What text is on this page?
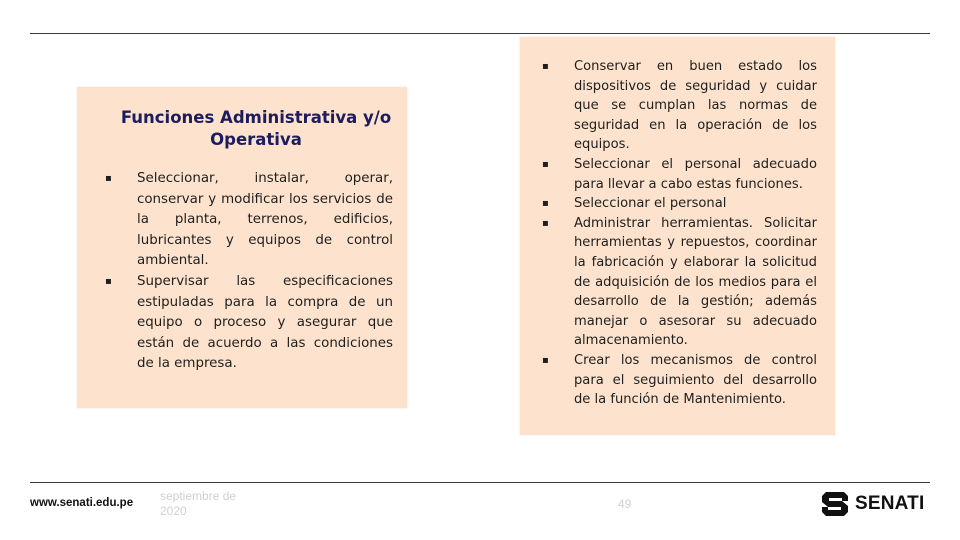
Funciones Administrativa y/o Operativa
▪ Seleccionar, instalar, operar, conservar y modificar los servicios de la planta, terrenos, edificios, lubricantes y equipos de control ambiental.
▪ Supervisar las especificaciones estipuladas para la compra de un equipo o proceso y asegurar que están de acuerdo a las condiciones de la empresa.
▪ Conservar en buen estado los dispositivos de seguridad y cuidar que se cumplan las normas de seguridad en la operación de los equipos.
▪ Seleccionar el personal adecuado para llevar a cabo estas funciones.
▪ Seleccionar el personal
▪ Administrar herramientas. Solicitar herramientas y repuestos, coordinar la fabricación y elaborar la solicitud de adquisición de los medios para el desarrollo de la gestión; además manejar o asesorar su adecuado almacenamiento.
▪ Crear los mecanismos de control para el seguimiento del desarrollo de la función de Mantenimiento.
www.senati.edu.pe septiembre de 2020	49	SENATI
